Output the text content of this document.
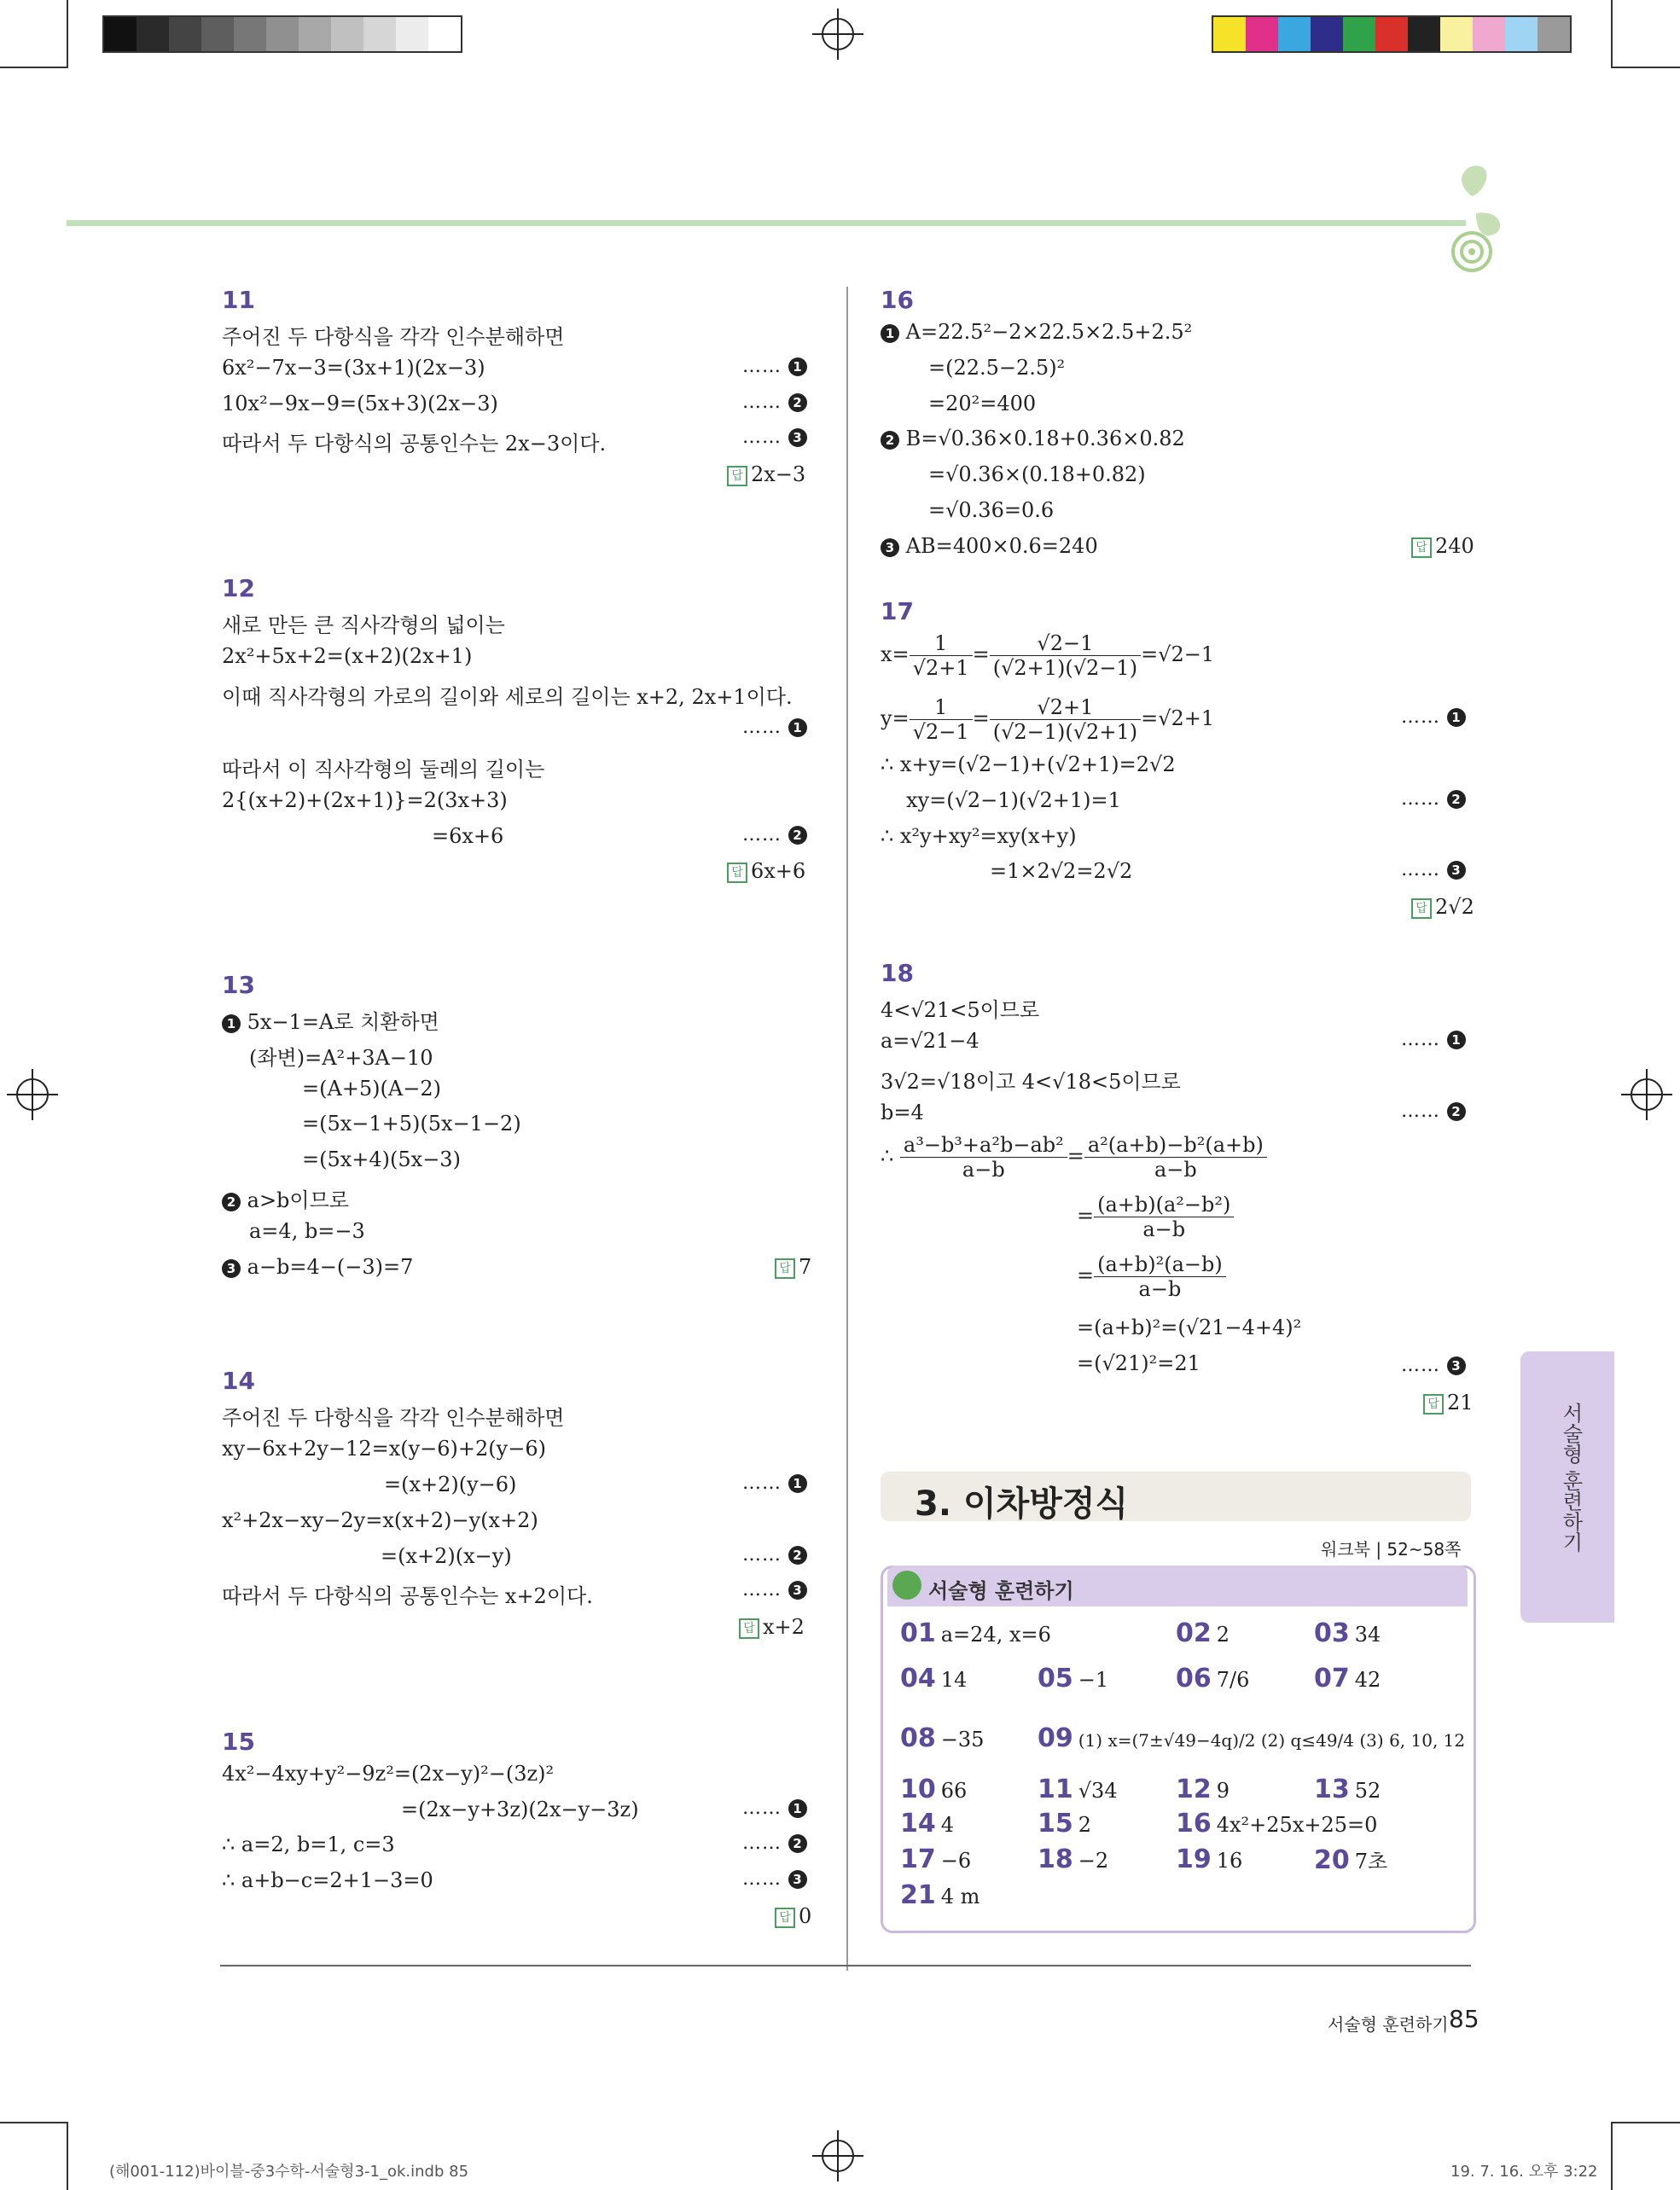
11
주어진 두 다항식을 각각 인수분해하면
6x²−7x−3=(3x+1)(2x−3)	…… 1
10x²−9x−9=(5x+3)(2x−3)	…… 2
따라서 두 다항식의 공통인수는 2x−3이다.	…… 3
답 2x−3
12
새로 만든 큰 직사각형의 넓이는
2x²+5x+2=(x+2)(2x+1)
이때 직사각형의 가로의 길이와 세로의 길이는 x+2, 2x+1이다.
…… 1
따라서 이 직사각형의 둘레의 길이는
2{(x+2)+(2x+1)}=2(3x+3)
=6x+6	…… 2
답 6x+6
13
1 5x−1=A로 치환하면
(좌변)=A²+3A−10
=(A+5)(A−2)
=(5x−1+5)(5x−1−2)
=(5x+4)(5x−3)
2 a>b이므로
a=4, b=−3
3 a−b=4−(−3)=7	답 7
14
주어진 두 다항식을 각각 인수분해하면
xy−6x+2y−12=x(y−6)+2(y−6)
=(x+2)(y−6)	…… 1
x²+2x−xy−2y=x(x+2)−y(x+2)
=(x+2)(x−y)	…… 2
따라서 두 다항식의 공통인수는 x+2이다.	…… 3
답 x+2
15
4x²−4xy+y²−9z²=(2x−y)²−(3z)²
=(2x−y+3z)(2x−y−3z)	…… 1
∴ a=2, b=1, c=3	…… 2
∴ a+b−c=2+1−3=0	…… 3
답 0
16
1 A=22.5²−2×22.5×2.5+2.5²
=(22.5−2.5)²
=20²=400
2 B=√0.36×0.18+0.36×0.82
=√0.36×(0.18+0.82)
=√0.36=0.6
3 AB=400×0.6=240	답 240
17
$x= \frac{1}{√2+1} = \frac{√2-1}{(√2+1)(√2-1)} =√2-1$
$y= \frac{1}{√2-1} = \frac{√2+1}{(√2-1)(√2+1)} =√2+1$	…… 1
∴ x+y=(√2−1)+(√2+1)=2√2
xy=(√2−1)(√2+1)=1	…… 2
∴ x²y+xy²=xy(x+y)
=1×2√2=2√2	…… 3
답 2√2
18
4<√21<5이므로
a=√21−4	…… 1
3√2=√18이고 4<√18<5이므로
b=4	…… 2
∴ $\frac{\text{a³−b³+a²b−ab²}}{a-b} = \frac{\text{a²(a+b)−b²(a+b)}}{a-b}$
= $\frac{\text{(a+b)(a²−b²)}}{a-b}$
= $\frac{\text{(a+b)²(a−b)}}{a-b}$
=(a+b)²=(√21−4+4)²
=(√21)²=21	…… 3
답 21
3. 이차방정식
워크북 | 52~58쪽
서술형 훈련하기
01 a=24, x=6	02 2	03 34
04 14	05 −1	06 7/6	07 42
08 −35 09 (1) x=(7±√49−4q)/2 (2) q≤49/4 (3) 6, 10, 12
10 66	11 √34 12 9	13 52
14 4	15 2	16 4x²+25x+25=0
17 −6	18 −2	19 16	20 7초
21 4 m
서술형 훈련하기
서술형 훈련하기 85
(해001-112)바이블-중3수학-서술형3-1_ok.indb 85	19. 7. 16. 오후 3:22
